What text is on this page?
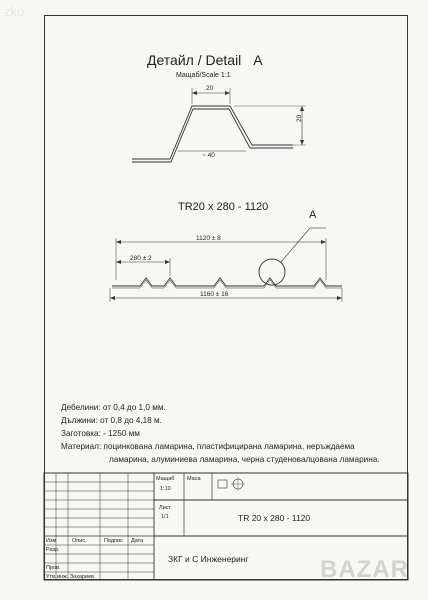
zko
Детайл / Detail A
Мащаб/Scale 1:1
20
20
~ 40
TR20 x 280 - 1120
A
1120 ± 8
280 ± 2
1160 ± 16
Дебелини: от 0,4 до 1,0 мм.
Дължини: от 0,8 до 4,18 м.
Заготовка: - 1250 мм
Материал: поцинкована ламарина, пластифицирана ламарина, неръждаема
ламарина, алуминиева ламарина, черна студеновалцована ламарина.
Мащаб
1:10
Маса
Лист
1/1	TR 20 x 280 - 1120
Изм	Опис.	Подпис Дата
Разр.
Пров.
Утв. инж. Захариев
ЗКГ и С Инженеринг	BAZAR
